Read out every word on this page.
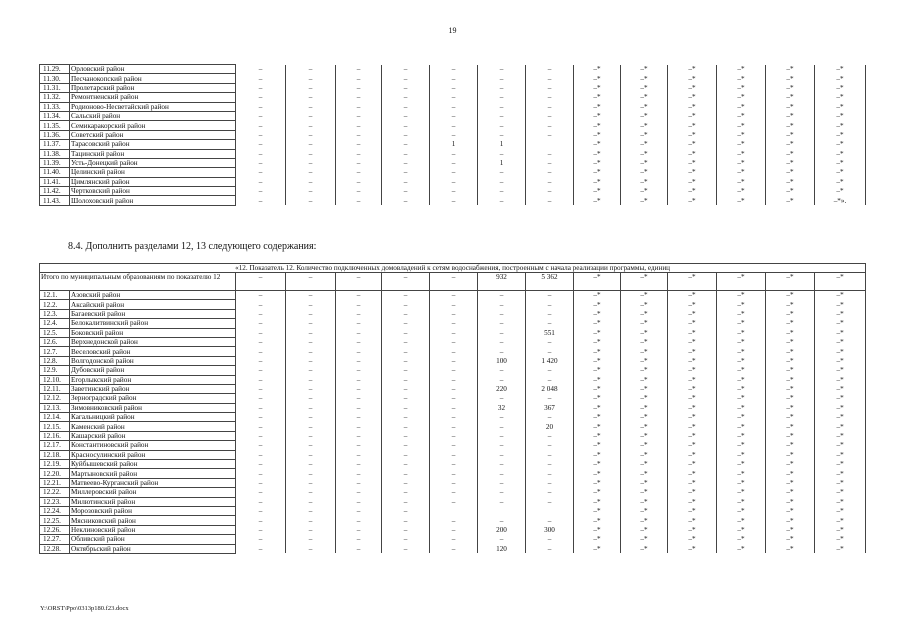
19
11.29.	Орловский район	–	–	–	–	–	–	–	–*	–*	–*	–*	–*	–*
11.30.	Песчанокопский район	–	–	–	–	–	–	–	–*	–*	–*	–*	–*	–*
11.31.	Пролетарский район	–	–	–	–	–	–	–	–*	–*	–*	–*	–*	–*
11.32.	Ремонтненский район	–	–	–	–	–	–	–	–*	–*	–*	–*	–*	–*
11.33.	Родионово-Несветайский район	–	–	–	–	–	–	–	–*	–*	–*	–*	–*	–*
11.34.	Сальский район	–	–	–	–	–	–	–	–*	–*	–*	–*	–*	–*
11.35.	Семикаракорский район	–	–	–	–	–	–	–	–*	–*	–*	–*	–*	–*
11.36.	Советский район	–	–	–	–	–	–	–	–*	–*	–*	–*	–*	–*
11.37.	Тарасовский район	–	–	–	–	1	1		–*	–*	–*	–*	–*	–*
11.38.	Тацинский район	–	–	–	–	–	–	–	–*	–*	–*	–*	–*	–*
11.39.	Усть-Донецкий район	–	–	–	–	–	1	–	–*	–*	–*	–*	–*	–*
11.40.	Целинский район	–	–	–	–	–	–	–	–*	–*	–*	–*	–*	–*
11.41.	Цимлянский район	–	–	–	–	–	–	–	–*	–*	–*	–*	–*	–*
11.42.	Чертковский район	–	–	–	–	–	–	–	–*	–*	–*	–*	–*	–*
11.43.	Шолоховский район	–	–	–	–	–	–	–	–*	–*	–*	–*	–*	–*».
8.4. Дополнить разделами 12, 13 следующего содержания:
«12. Показатель 12. Количество подключенных домовладений к сетям водоснабжения, построенным с начала реализации программы, единиц														
Итого по муниципальным образованиям по показателю 12		–	–	–	–	–	932	5 362	–*	–*	–*	–*	–*	–*
12.1.	Азовский район	–	–	–	–	–	–	–	–*	–*	–*	–*	–*	–*
12.2.	Аксайский район	–	–	–	–	–	–	–	–*	–*	–*	–*	–*	–*
12.3.	Багаевский район	–	–	–	–	–	–	–	–*	–*	–*	–*	–*	–*
12.4.	Белокалитвинский район	–	–	–	–	–	–	–	–*	–*	–*	–*	–*	–*
12.5.	Боковский район	–	–	–	–	–	–	551	–*	–*	–*	–*	–*	–*
12.6.	Верхнедонской район	–	–	–	–	–	–	–	–*	–*	–*	–*	–*	–*
12.7.	Веселовский район	–	–	–	–	–	–	–	–*	–*	–*	–*	–*	–*
12.8.	Волгодонской район	–	–	–	–	–	100	1 420	–*	–*	–*	–*	–*	–*
12.9.	Дубовский район	–	–	–	–	–	–	–	–*	–*	–*	–*	–*	–*
12.10.	Егорлыкский район	–	–	–	–	–	–	–	–*	–*	–*	–*	–*	–*
12.11.	Заветинский район	–	–	–	–	–	220	2 048	–*	–*	–*	–*	–*	–*
12.12.	Зерноградский район	–	–	–	–	–	–	–	–*	–*	–*	–*	–*	–*
12.13.	Зимовниковский район	–	–	–	–	–	32	367	–*	–*	–*	–*	–*	–*
12.14.	Кагальницкий район	–	–	–	–	–	–	–	–*	–*	–*	–*	–*	–*
12.15.	Каменский район	–	–	–	–	–	–	20	–*	–*	–*	–*	–*	–*
12.16.	Кашарский район	–	–	–	–	–	–	–	–*	–*	–*	–*	–*	–*
12.17.	Константиновский район	–	–	–	–	–	–	–	–*	–*	–*	–*	–*	–*
12.18.	Красносулинский район	–	–	–	–	–	–	–	–*	–*	–*	–*	–*	–*
12.19.	Куйбышевский район	–	–	–	–	–	–	–	–*	–*	–*	–*	–*	–*
12.20.	Мартыновский район	–	–	–	–	–	–	–	–*	–*	–*	–*	–*	–*
12.21.	Матвеево-Курганский район	–	–	–	–	–	–	–	–*	–*	–*	–*	–*	–*
12.22.	Миллеровский район	–	–	–	–	–	–	–	–*	–*	–*	–*	–*	–*
12.23.	Милютинский район	–	–	–	–	–	–	–	–*	–*	–*	–*	–*	–*
12.24.	Морозовский район	–	–	–	–				–*	–*	–*	–*	–*	–*
12.25.	Мясниковский район	–	–	–	–	–	–	–	–*	–*	–*	–*	–*	–*
12.26.	Неклиновский район	–	–	–	–	–	200	300	–*	–*	–*	–*	–*	–*
12.27.	Обливский район	–	–	–	–	–	–	–	–*	–*	–*	–*	–*	–*
12.28.	Октябрьский район	–	–	–	–	–	120	–	–*	–*	–*	–*	–*	–*
Y:\ORST\Ppo\0313p180.f23.docx
